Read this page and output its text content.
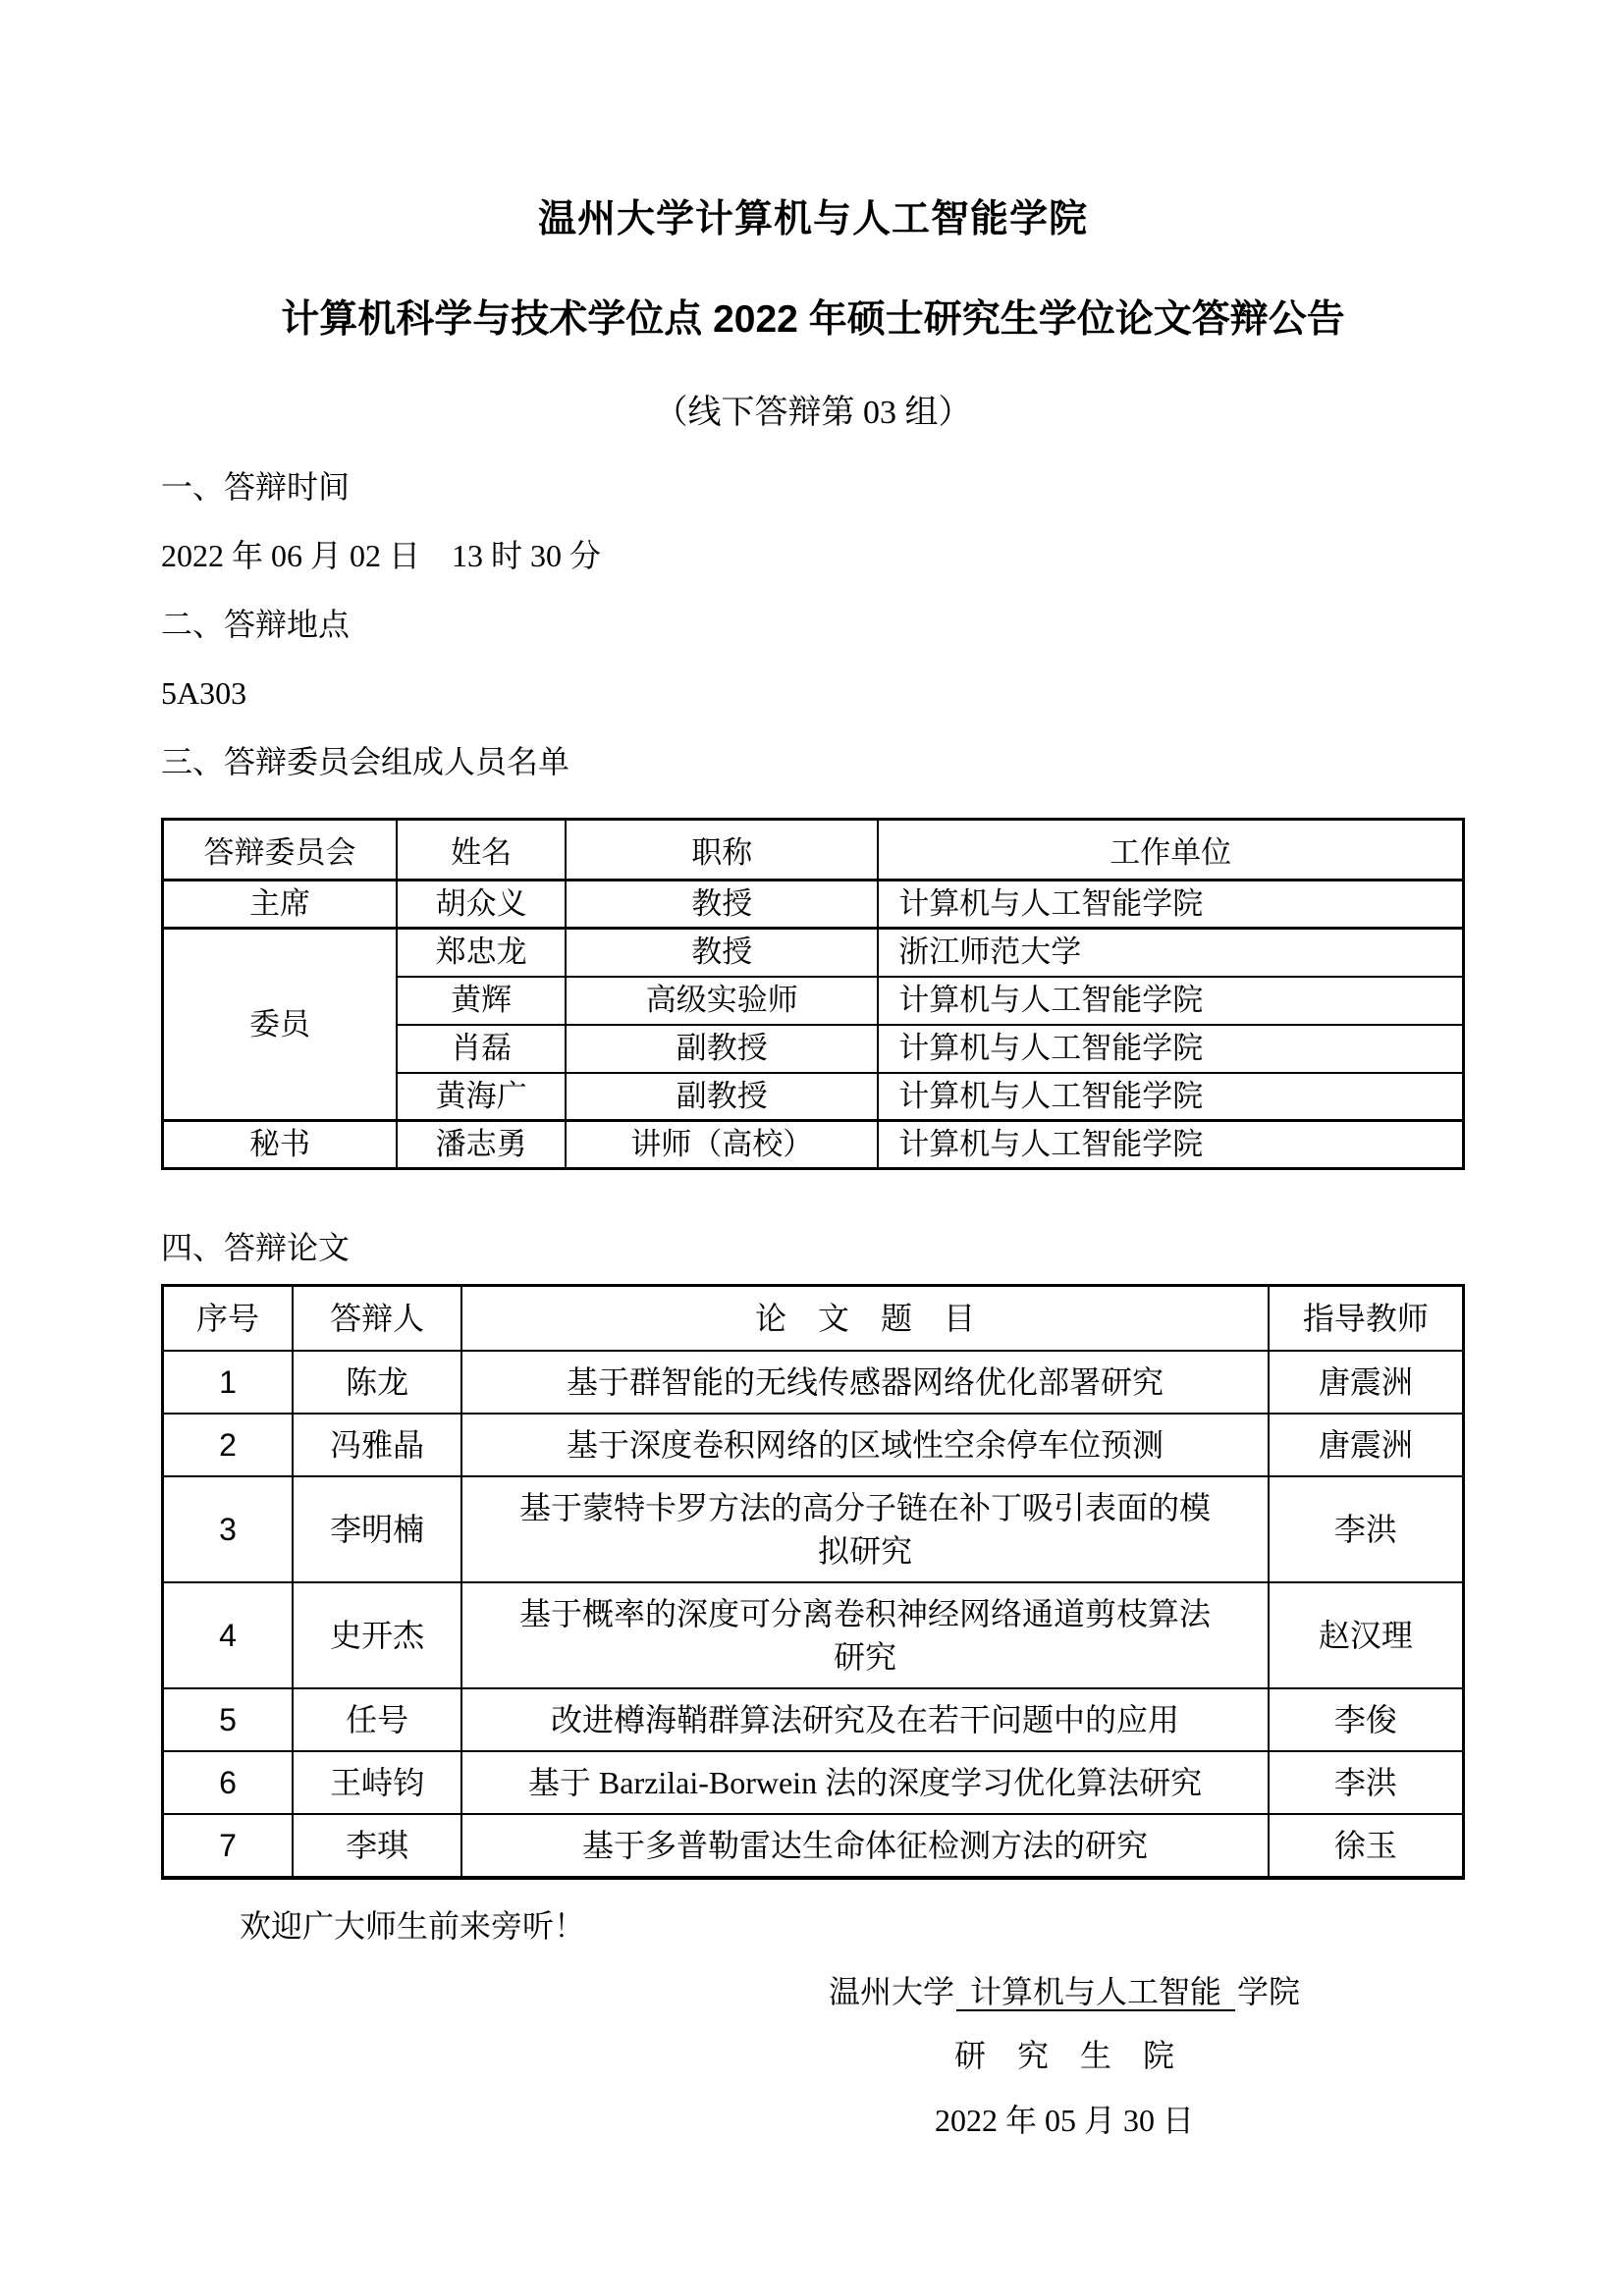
温州大学计算机与人工智能学院
计算机科学与技术学位点 2022 年硕士研究生学位论文答辩公告
（线下答辩第 03 组）
一、答辩时间
2022 年 06 月 02 日　13 时 30 分
二、答辩地点
5A303
三、答辩委员会组成人员名单
答辩委员会	姓名	职称	工作单位
主席	胡众义	教授	计算机与人工智能学院
委员	郑忠龙	教授	浙江师范大学
	黄辉	高级实验师	计算机与人工智能学院
	肖磊	副教授	计算机与人工智能学院
	黄海广	副教授	计算机与人工智能学院
秘书	潘志勇	讲师（高校）	计算机与人工智能学院
四、答辩论文
序号	答辩人	论　文　题　目	指导教师
1	陈龙	基于群智能的无线传感器网络优化部署研究	唐震洲
2	冯雅晶	基于深度卷积网络的区域性空余停车位预测	唐震洲
3	李明楠	基于蒙特卡罗方法的高分子链在补丁吸引表面的模拟研究	李洪
4	史开杰	基于概率的深度可分离卷积神经网络通道剪枝算法研究	赵汉理
5	任号	改进樽海鞘群算法研究及在若干问题中的应用	李俊
6	王峙钧	基于 Barzilai-Borwein 法的深度学习优化算法研究	李洪
7	李琪	基于多普勒雷达生命体征检测方法的研究	徐玉
欢迎广大师生前来旁听！
温州大学 计算机与人工智能 学院
研　究　生　院
2022 年 05 月 30 日
